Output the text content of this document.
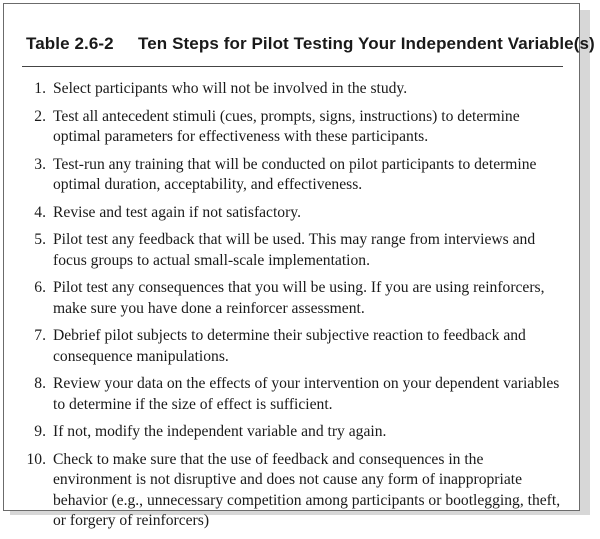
Table 2.6-2 Ten Steps for Pilot Testing Your Independent Variable(s)
1. Select participants who will not be involved in the study.
2. Test all antecedent stimuli (cues, prompts, signs, instructions) to determine optimal parameters for effectiveness with these participants.
3. Test-run any training that will be conducted on pilot participants to determine optimal duration, acceptability, and effectiveness.
4. Revise and test again if not satisfactory.
5. Pilot test any feedback that will be used. This may range from interviews and focus groups to actual small-scale implementation.
6. Pilot test any consequences that you will be using. If you are using reinforcers, make sure you have done a reinforcer assessment.
7. Debrief pilot subjects to determine their subjective reaction to feedback and consequence manipulations.
8. Review your data on the effects of your intervention on your dependent variables to determine if the size of effect is sufficient.
9. If not, modify the independent variable and try again.
10. Check to make sure that the use of feedback and consequences in the environment is not disruptive and does not cause any form of inappropriate behavior (e.g., unnecessary competition among participants or bootlegging, theft, or forgery of reinforcers)
